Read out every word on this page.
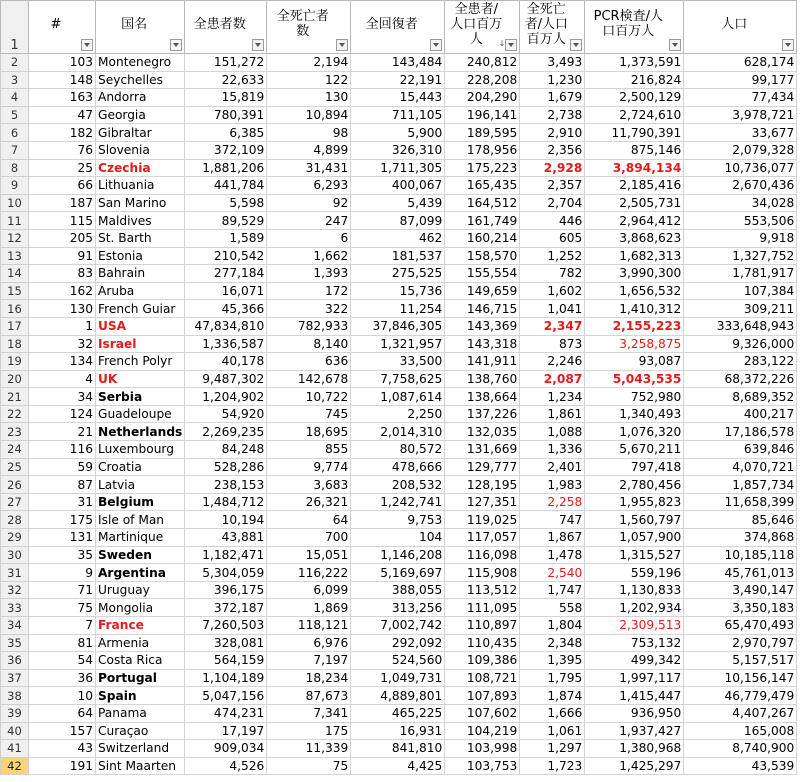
1	#	国名	全患者数	全死亡者数	全回復者	全患者/人口百万人 ↓	全死亡者/人口百万人	PCR検査/人口百万人	人口

2	103	Montenegro	151,272	2,194	143,484	240,812	3,493	1,373,591	628,174
3	148	Seychelles	22,633	122	22,191	228,208	1,230	216,824	99,177
4	163	Andorra	15,819	130	15,443	204,290	1,679	2,500,129	77,434
5	47	Georgia	780,391	10,894	711,105	196,141	2,738	2,724,610	3,978,721
6	182	Gibraltar	6,385	98	5,900	189,595	2,910	11,790,391	33,677
7	76	Slovenia	372,109	4,899	326,310	178,956	2,356	875,146	2,079,328
8	25	Czechia	1,881,206	31,431	1,711,305	175,223	2,928	3,894,134	10,736,077
9	66	Lithuania	441,784	6,293	400,067	165,435	2,357	2,185,416	2,670,436
10	187	San Marino	5,598	92	5,439	164,512	2,704	2,505,731	34,028
11	115	Maldives	89,529	247	87,099	161,749	446	2,964,412	553,506
12	205	St. Barth	1,589	6	462	160,214	605	3,868,623	9,918
13	91	Estonia	210,542	1,662	181,537	158,570	1,252	1,682,313	1,327,752
14	83	Bahrain	277,184	1,393	275,525	155,554	782	3,990,300	1,781,917
15	162	Aruba	16,071	172	15,736	149,659	1,602	1,656,532	107,384
16	130	French Guiar	45,366	322	11,254	146,715	1,041	1,410,312	309,211
17	1	USA	47,834,810	782,933	37,846,305	143,369	2,347	2,155,223	333,648,943
18	32	Israel	1,336,587	8,140	1,321,957	143,318	873	3,258,875	9,326,000
19	134	French Polyr	40,178	636	33,500	141,911	2,246	93,087	283,122
20	4	UK	9,487,302	142,678	7,758,625	138,760	2,087	5,043,535	68,372,226
21	34	Serbia	1,204,902	10,722	1,087,614	138,664	1,234	752,980	8,689,352
22	124	Guadeloupe	54,920	745	2,250	137,226	1,861	1,340,493	400,217
23	21	Netherlands	2,269,235	18,695	2,014,310	132,035	1,088	1,076,320	17,186,578
24	116	Luxembourg	84,248	855	80,572	131,669	1,336	5,670,211	639,846
25	59	Croatia	528,286	9,774	478,666	129,777	2,401	797,418	4,070,721
26	87	Latvia	238,153	3,683	208,532	128,195	1,983	2,780,456	1,857,734
27	31	Belgium	1,484,712	26,321	1,242,741	127,351	2,258	1,955,823	11,658,399
28	175	Isle of Man	10,194	64	9,753	119,025	747	1,560,797	85,646
29	131	Martinique	43,881	700	104	117,057	1,867	1,057,900	374,868
30	35	Sweden	1,182,471	15,051	1,146,208	116,098	1,478	1,315,527	10,185,118
31	9	Argentina	5,304,059	116,222	5,169,697	115,908	2,540	559,196	45,761,013
32	71	Uruguay	396,175	6,099	388,055	113,512	1,747	1,130,833	3,490,147
33	75	Mongolia	372,187	1,869	313,256	111,095	558	1,202,934	3,350,183
34	7	France	7,260,503	118,121	7,002,742	110,897	1,804	2,309,513	65,470,493
35	81	Armenia	328,081	6,976	292,092	110,435	2,348	753,132	2,970,797
36	54	Costa Rica	564,159	7,197	524,560	109,386	1,395	499,342	5,157,517
37	36	Portugal	1,104,189	18,234	1,049,731	108,721	1,795	1,997,117	10,156,147
38	10	Spain	5,047,156	87,673	4,889,801	107,893	1,874	1,415,447	46,779,479
39	64	Panama	474,231	7,341	465,225	107,602	1,666	936,950	4,407,267
40	157	Curaçao	17,197	175	16,931	104,219	1,061	1,937,427	165,008
41	43	Switzerland	909,034	11,339	841,810	103,998	1,297	1,380,968	8,740,900
42	191	Sint Maarten	4,526	75	4,425	103,753	1,723	1,425,297	43,539
